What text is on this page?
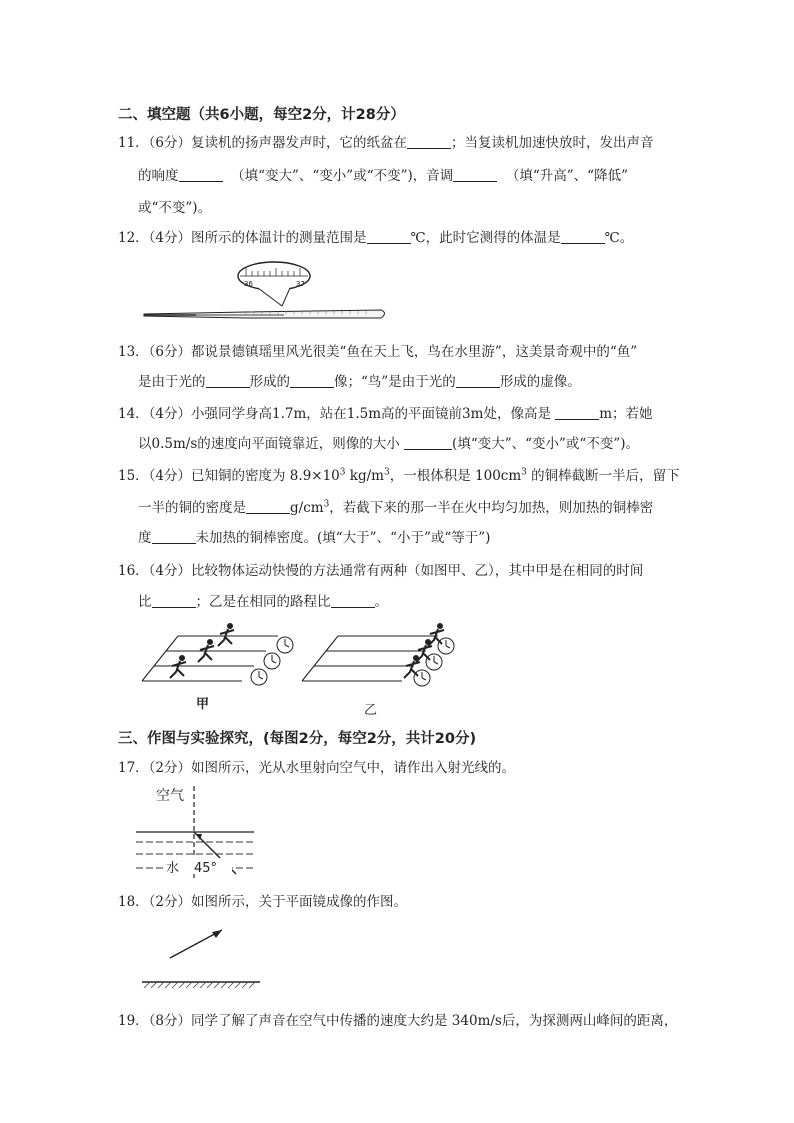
二、填空题（共6小题，每空2分，计28分）
11．（6分）复读机的扬声器发声时，它的纸盆在	；当复读机加速快放时，发出声音
的响度	（填“变大”、“变小”或“不变”)，音调	（填“升高”、“降低”
或“不变”)。
12．（4分）图所示的体温计的测量范围是	℃，此时它测得的体温是	℃。
36	37
13．（6分）都说景德镇瑶里风光很美“鱼在天上飞，鸟在水里游”，这美景奇观中的“鱼”
是由于光的	形成的	像；“鸟”是由于光的	形成的虚像。
14．（4分）小强同学身高1.7m，站在1.5m高的平面镜前3m处，像高是	m；若她
以0.5m/s的速度向平面镜靠近，则像的大小	(填“变大”、“变小”或“不变”)。
15．（4分）已知铜的密度为 $8.9\times 10^3$ $kg/m^3$，一根体积是 $100cm^3$ 的铜棒截断一半后，留下
一半的铜的密度是	$g/cm^3$，若截下来的那一半在火中均匀加热，则加热的铜棒密
度	未加热的铜棒密度。(填“大于”、“小于”或“等于”)
16．（4分）比较物体运动快慢的方法通常有两种（如图甲、乙），其中甲是在相同的时间
比	；乙是在相同的路程比	。
甲	乙
三、作图与实验探究，(每图2分，每空2分，共计20分)
17．（2分）如图所示，光从水里射向空气中，请作出入射光线的。
空气
水 45°
18．（2分）如图所示，关于平面镜成像的作图。
19．（8分）同学了解了声音在空气中传播的速度大约是 340m/s后，为探测两山峰间的距离，
